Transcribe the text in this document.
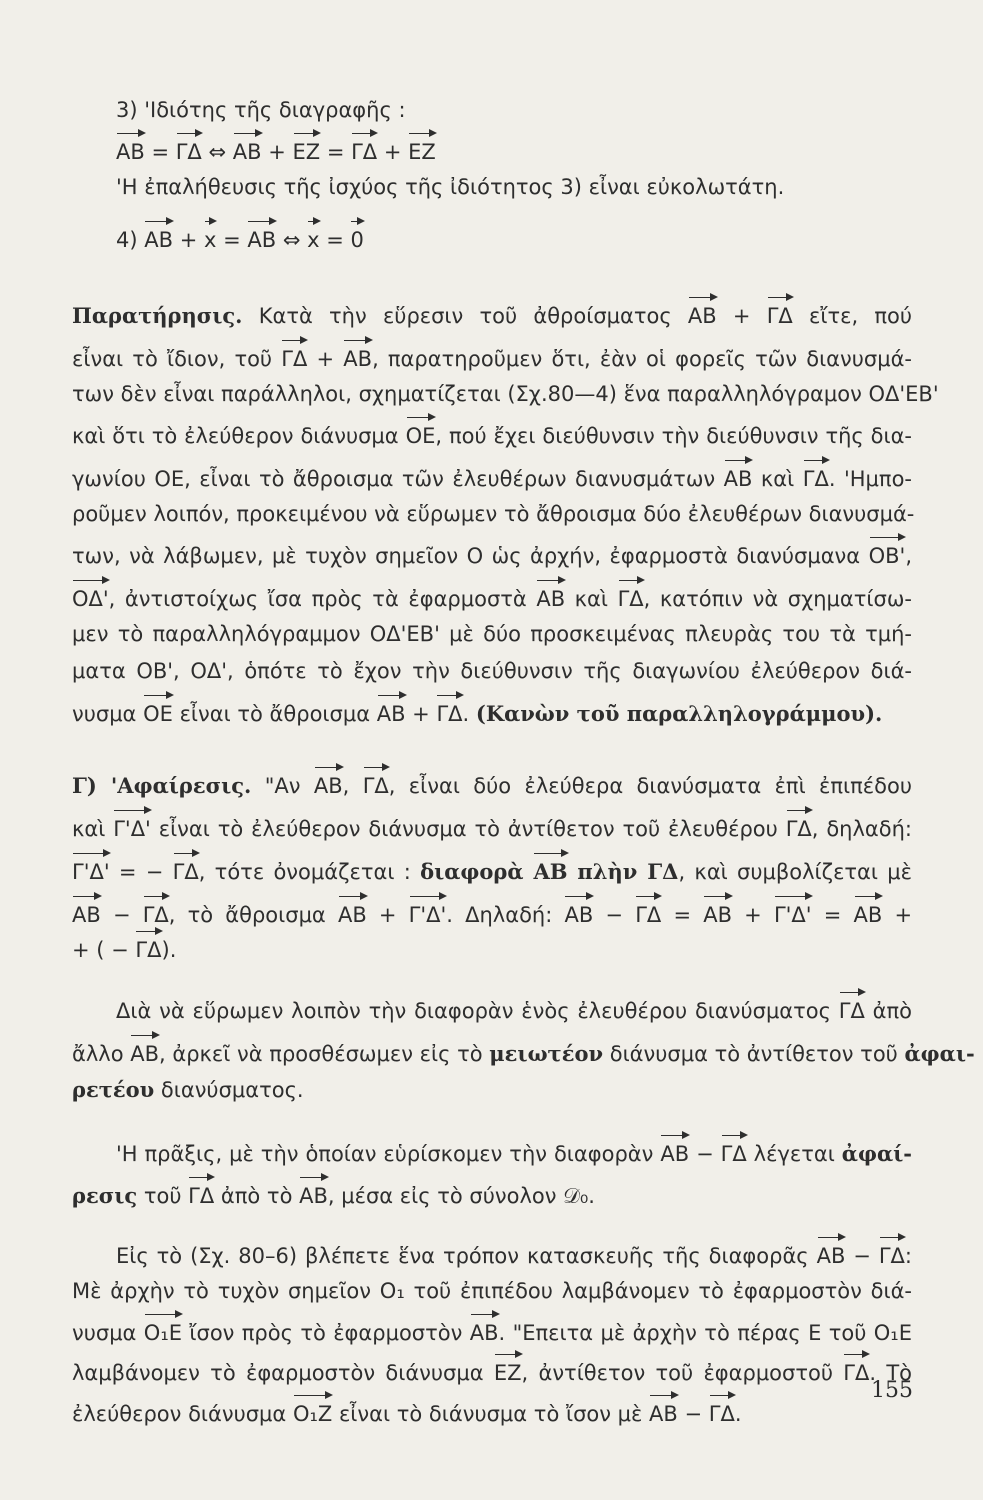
3) 'Ιδιότης τῆς διαγραφῆς :
AB = ΓΔ ⇔ AB + EZ = ΓΔ + EZ
'Η ἐπαλήθευσις τῆς ἰσχύος τῆς ἰδιότητος 3) εἶναι εὐκολωτάτη.
4) AB + x = AB ⇔ x = 0
Παρατήρησις. Κατὰ τὴν εὕρεσιν τοῦ ἀθροίσματος AB + ΓΔ εἴτε, πού
εἶναι τὸ ἴδιον, τοῦ ΓΔ + AB, παρατηροῦμεν ὅτι, ἐὰν οἱ φορεῖς τῶν διανυσμά-
των δὲν εἶναι παράλληλοι, σχηματίζεται (Σχ.80—4) ἕνα παραλληλόγραμον ΟΔ'ΕΒ'
καὶ ὅτι τὸ ἐλεύθερον διάνυσμα OE, πού ἔχει διεύθυνσιν τὴν διεύθυνσιν τῆς δια-
γωνίου ΟΕ, εἶναι τὸ ἄθροισμα τῶν ἐλευθέρων διανυσμάτων AB καὶ ΓΔ. 'Ημπο-
ροῦμεν λοιπόν, προκειμένου νὰ εὕρωμεν τὸ ἄθροισμα δύο ἐλευθέρων διανυσμά-
των, νὰ λάβωμεν, μὲ τυχὸν σημεῖον Ο ὡς ἀρχήν, ἐφαρμοστὰ διανύσμανα OB',
OΔ', ἀντιστοίχως ἴσα πρὸς τὰ ἐφαρμοστὰ AB καὶ ΓΔ, κατόπιν νὰ σχηματίσω-
μεν τὸ παραλληλόγραμμον ΟΔ'ΕΒ' μὲ δύο προσκειμένας πλευρὰς του τὰ τμή-
ματα ΟΒ', ΟΔ', ὁπότε τὸ ἔχον τὴν διεύθυνσιν τῆς διαγωνίου ἐλεύθερον διά-
νυσμα OE εἶναι τὸ ἄθροισμα AB + ΓΔ. (Κανὼν τοῦ παραλληλογράμμου).
Γ) 'Αφαίρεσις. "Αν AB, ΓΔ, εἶναι δύο ἐλεύθερα διανύσματα ἐπὶ ἐπιπέδου
καὶ Γ'Δ' εἶναι τὸ ἐλεύθερον διάνυσμα τὸ ἀντίθετον τοῦ ἐλευθέρου ΓΔ, δηλαδή:
Γ'Δ' = − ΓΔ, τότε ὀνομάζεται : διαφορὰ AB πλὴν ΓΔ, καὶ συμβολίζεται μὲ
AB − ΓΔ, τὸ ἄθροισμα AB + Γ'Δ'. Δηλαδή: AB − ΓΔ = AB + Γ'Δ' = AB +
+ ( − ΓΔ).
Διὰ νὰ εὕρωμεν λοιπὸν τὴν διαφορὰν ἑνὸς ἐλευθέρου διανύσματος ΓΔ ἀπὸ
ἄλλο AB, ἀρκεῖ νὰ προσθέσωμεν εἰς τὸ μειωτέον διάνυσμα τὸ ἀντίθετον τοῦ ἀφαι-
ρετέου διανύσματος.
'Η πρᾶξις, μὲ τὴν ὁποίαν εὑρίσκομεν τὴν διαφορὰν AB − ΓΔ λέγεται ἀφαί-
ρεσις τοῦ ΓΔ ἀπὸ τὸ AB, μέσα εἰς τὸ σύνολον 𝒟₀.
Εἰς τὸ (Σχ. 80–6) βλέπετε ἕνα τρόπον κατασκευῆς τῆς διαφορᾶς AB − ΓΔ:
Μὲ ἀρχὴν τὸ τυχὸν σημεῖον O₁ τοῦ ἐπιπέδου λαμβάνομεν τὸ ἐφαρμοστὸν διά-
νυσμα O₁E ἴσον πρὸς τὸ ἐφαρμοστὸν AB. "Επειτα μὲ ἀρχὴν τὸ πέρας Ε τοῦ O₁E
λαμβάνομεν τὸ ἐφαρμοστὸν διάνυσμα EZ, ἀντίθετον τοῦ ἐφαρμοστοῦ ΓΔ. Τὸ
ἐλεύθερον διάνυσμα O₁Z εἶναι τὸ διάνυσμα τὸ ἴσον μὲ AB − ΓΔ.
155
